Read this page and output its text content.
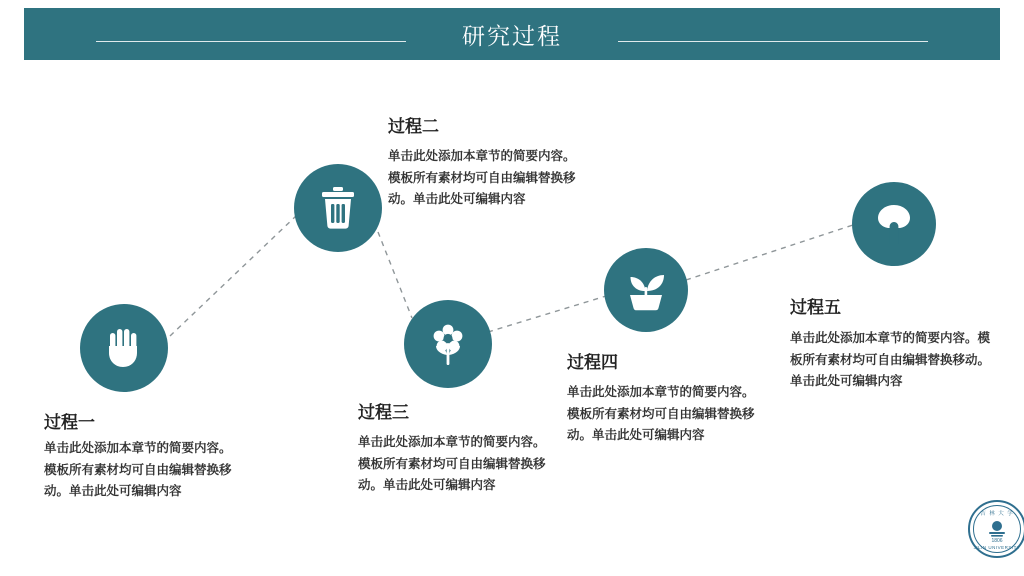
研究过程
过程一
单击此处添加本章节的简要内容。模板所有素材均可自由编辑替换移动。单击此处可编辑内容
过程二
单击此处添加本章节的简要内容。模板所有素材均可自由编辑替换移动。单击此处可编辑内容
过程三
单击此处添加本章节的简要内容。模板所有素材均可自由编辑替换移动。单击此处可编辑内容
过程四
单击此处添加本章节的简要内容。模板所有素材均可自由编辑替换移动。单击此处可编辑内容
过程五
单击此处添加本章节的简要内容。模板所有素材均可自由编辑替换移动。单击此处可编辑内容
吉 林 大 学
1806
JILIN UNIVERSITY
